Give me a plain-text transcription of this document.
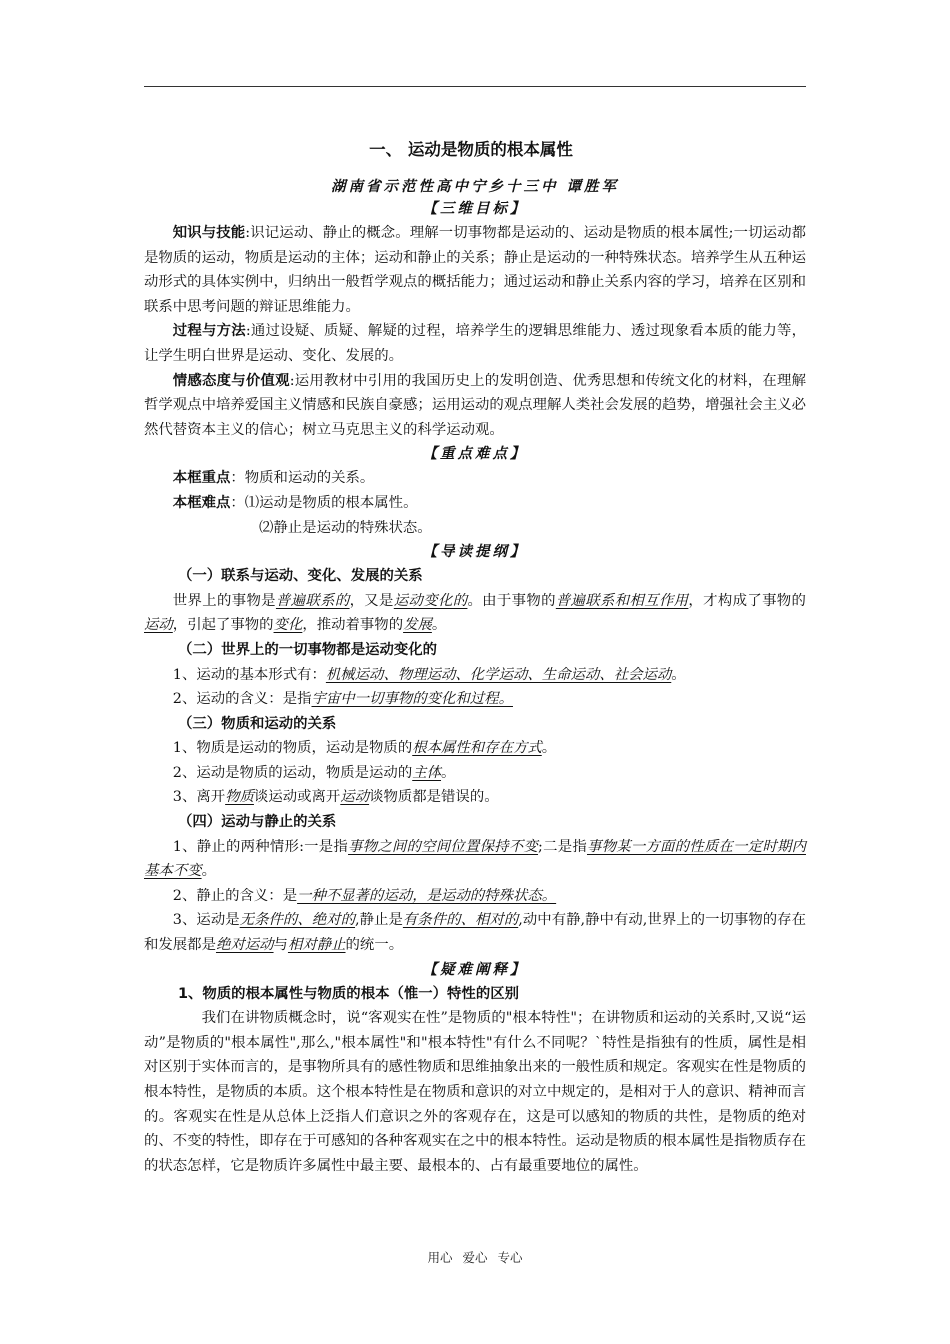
一、 运动是物质的根本属性
湖南省示范性高中宁乡十三中 谭胜军
【三维目标】
知识与技能:识记运动、静止的概念。理解一切事物都是运动的、运动是物质的根本属性;一切运动都是物质的运动，物质是运动的主体；运动和静止的关系；静止是运动的一种特殊状态。培养学生从五种运动形式的具体实例中，归纳出一般哲学观点的概括能力；通过运动和静止关系内容的学习，培养在区别和联系中思考问题的辩证思维能力。
过程与方法:通过设疑、质疑、解疑的过程，培养学生的逻辑思维能力、透过现象看本质的能力等，让学生明白世界是运动、变化、发展的。
情感态度与价值观:运用教材中引用的我国历史上的发明创造、优秀思想和传统文化的材料，在理解哲学观点中培养爱国主义情感和民族自豪感；运用运动的观点理解人类社会发展的趋势，增强社会主义必然代替资本主义的信心；树立马克思主义的科学运动观。
【重点难点】
本框重点：物质和运动的关系。
本框难点：⑴运动是物质的根本属性。
⑵静止是运动的特殊状态。
【导读提纲】
（一）联系与运动、变化、发展的关系
世界上的事物是普遍联系的，又是运动变化的。由于事物的普遍联系和相互作用，才构成了事物的运动，引起了事物的变化，推动着事物的发展。
（二）世界上的一切事物都是运动变化的
1、运动的基本形式有：机械运动、物理运动、化学运动、生命运动、社会运动。
2、运动的含义：是指宇宙中一切事物的变化和过程。
（三）物质和运动的关系
1、物质是运动的物质，运动是物质的根本属性和存在方式。
2、运动是物质的运动，物质是运动的主体。
3、离开物质谈运动或离开运动谈物质都是错误的。
（四）运动与静止的关系
1、静止的两种情形:一是指事物之间的空间位置保持不变;二是指事物某一方面的性质在一定时期内基本不变。
2、静止的含义：是一种不显著的运动，是运动的特殊状态。
3、运动是无条件的、绝对的,静止是有条件的、相对的,动中有静,静中有动,世界上的一切事物的存在和发展都是绝对运动与相对静止的统一。
【疑难阐释】
1、物质的根本属性与物质的根本（惟一）特性的区别
我们在讲物质概念时，说“客观实在性”是物质的"根本特性"；在讲物质和运动的关系时,又说“运动”是物质的"根本属性",那么,"根本属性"和"根本特性"有什么不同呢？`特性是指独有的性质，属性是相对区别于实体而言的，是事物所具有的感性物质和思维抽象出来的一般性质和规定。客观实在性是物质的根本特性，是物质的本质。这个根本特性是在物质和意识的对立中规定的，是相对于人的意识、精神而言的。客观实在性是从总体上泛指人们意识之外的客观存在，这是可以感知的物质的共性，是物质的绝对的、不变的特性，即存在于可感知的各种客观实在之中的根本特性。运动是物质的根本属性是指物质存在的状态怎样，它是物质许多属性中最主要、最根本的、占有最重要地位的属性。
用心 爱心 专心
